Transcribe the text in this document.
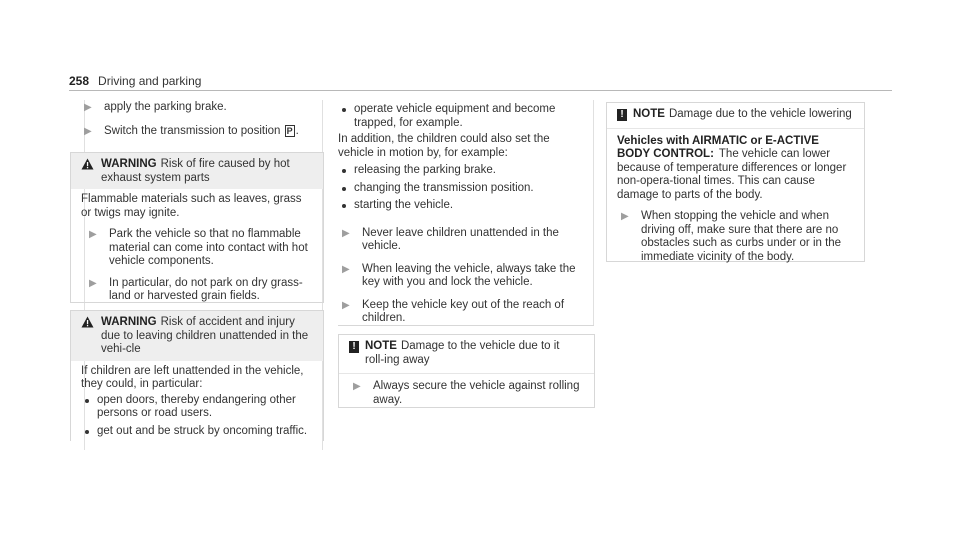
258 Driving and parking
▶ apply the parking brake.
▶ Switch the transmission to position P .
WARNING Risk of fire caused by hot exhaust system parts
Flammable materials such as leaves, grass or twigs may ignite.
▶ Park the vehicle so that no flammable material can come into contact with hot vehicle components.
▶ In particular, do not park on dry grass-land or harvested grain fields.
WARNING Risk of accident and injury due to leaving children unattended in the vehi-cle
If children are left unattended in the vehicle, they could, in particular:
open doors, thereby endangering other persons or road users.
get out and be struck by oncoming traffic.
operate vehicle equipment and become trapped, for example.
In addition, the children could also set the vehicle in motion by, for example:
releasing the parking brake.
changing the transmission position.
starting the vehicle.
▶ Never leave children unattended in the vehicle.
▶ When leaving the vehicle, always take the key with you and lock the vehicle.
▶ Keep the vehicle key out of the reach of children.
! NOTE Damage to the vehicle due to it roll-ing away
▶ Always secure the vehicle against rolling away.
! NOTE Damage due to the vehicle lowering
Vehicles with AIRMATIC or E-ACTIVE BODY CONTROL: The vehicle can lower because of temperature differences or longer non-opera-tional times. This can cause damage to parts of the body.
▶ When stopping the vehicle and when driving off, make sure that there are no obstacles such as curbs under or in the immediate vicinity of the body.
